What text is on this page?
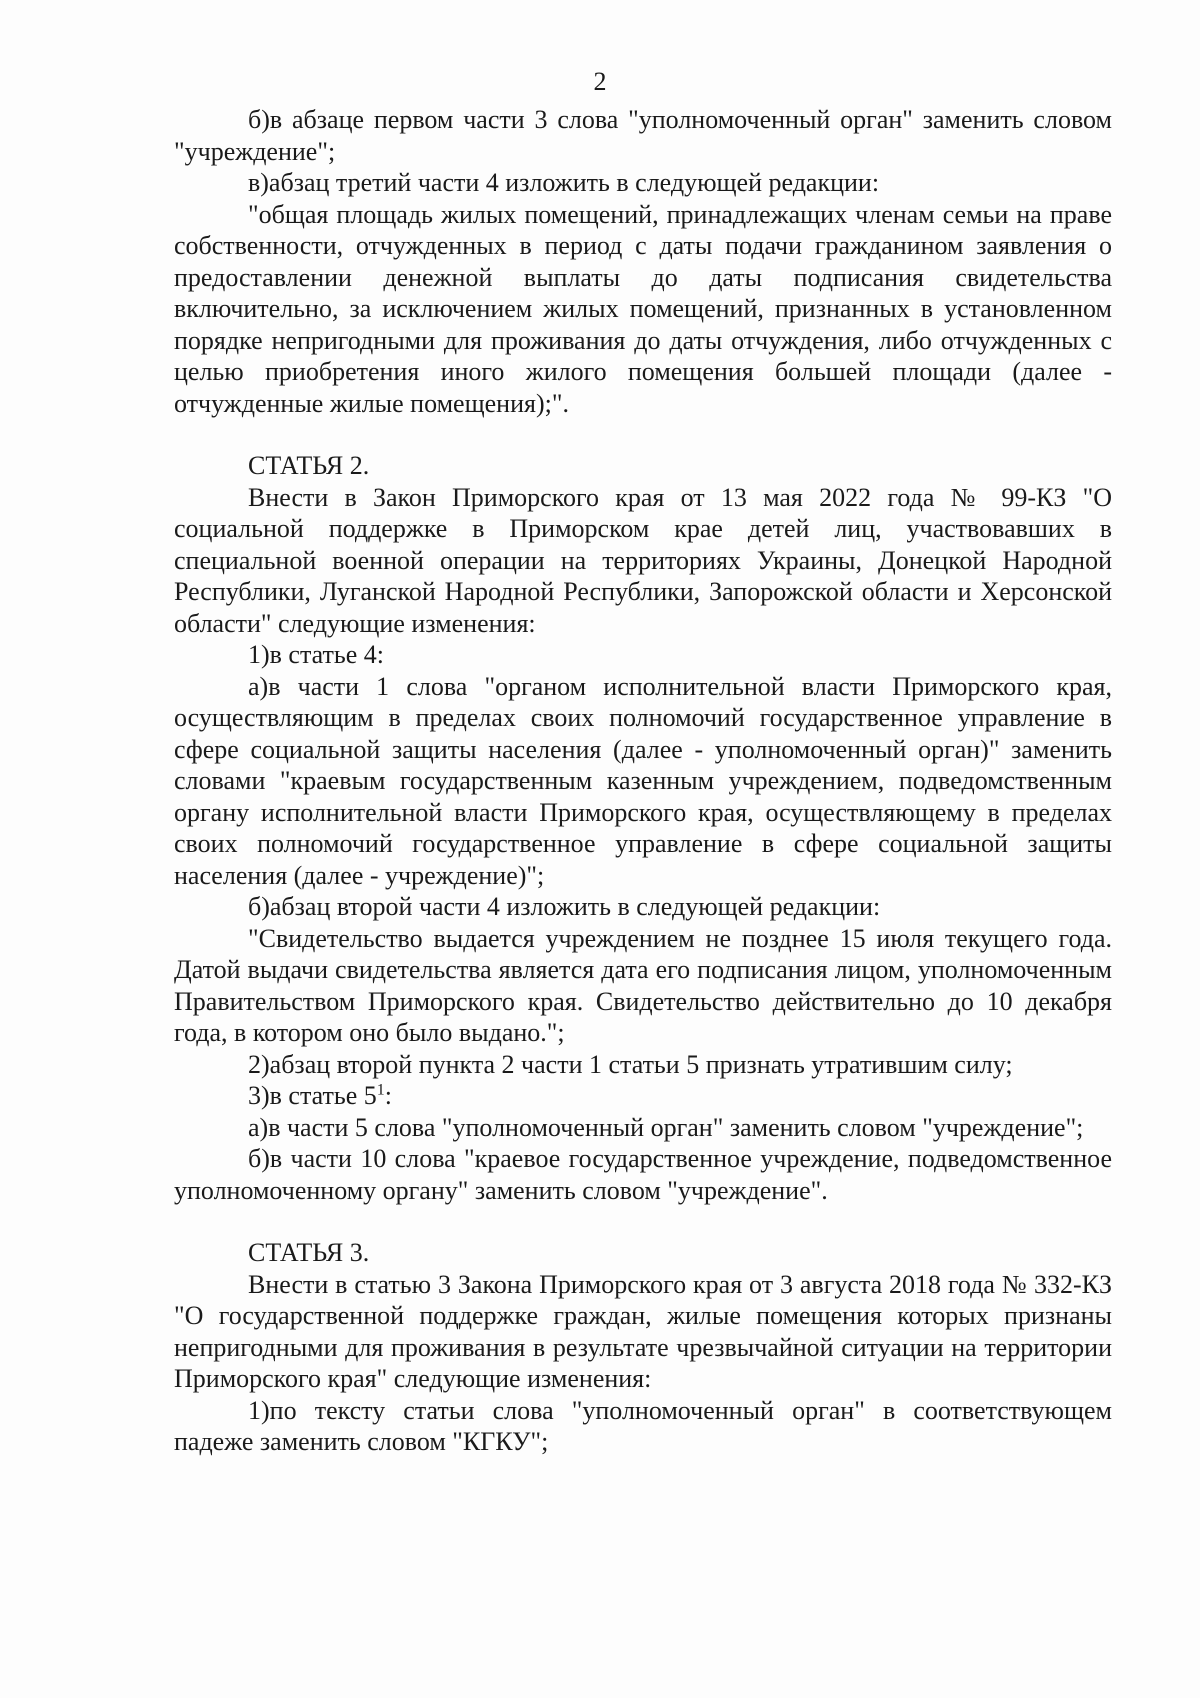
2

б)в абзаце первом части 3 слова "уполномоченный орган" заменить словом "учреждение";

в)абзац третий части 4 изложить в следующей редакции:

"общая площадь жилых помещений, принадлежащих членам семьи на праве собственности, отчужденных в период с даты подачи гражданином заявления о предоставлении денежной выплаты до даты подписания свидетельства включительно, за исключением жилых помещений, признанных в установленном порядке непригодными для проживания до даты отчуждения, либо отчужденных с целью приобретения иного жилого помещения большей площади (далее - отчужденные жилые помещения);".

СТАТЬЯ 2.

Внести в Закон Приморского края от 13 мая 2022 года № 99-КЗ "О социальной поддержке в Приморском крае детей лиц, участвовавших в специальной военной операции на территориях Украины, Донецкой Народной Республики, Луганской Народной Республики, Запорожской области и Херсонской области" следующие изменения:

1)в статье 4:

а)в части 1 слова "органом исполнительной власти Приморского края, осуществляющим в пределах своих полномочий государственное управление в сфере социальной защиты населения (далее - уполномоченный орган)" заменить словами "краевым государственным казенным учреждением, подведомственным органу исполнительной власти Приморского края, осуществляющему в пределах своих полномочий государственное управление в сфере социальной защиты населения (далее - учреждение)";

б)абзац второй части 4 изложить в следующей редакции:

"Свидетельство выдается учреждением не позднее 15 июля текущего года. Датой выдачи свидетельства является дата его подписания лицом, уполномоченным Правительством Приморского края. Свидетельство действительно до 10 декабря года, в котором оно было выдано.";

2)абзац второй пункта 2 части 1 статьи 5 признать утратившим силу;

3)в статье $5^1$:

а)в части 5 слова "уполномоченный орган" заменить словом "учреждение";

б)в части 10 слова "краевое государственное учреждение, подведомственное уполномоченному органу" заменить словом "учреждение".

СТАТЬЯ 3.

Внести в статью 3 Закона Приморского края от 3 августа 2018 года № 332-КЗ "О государственной поддержке граждан, жилые помещения которых признаны непригодными для проживания в результате чрезвычайной ситуации на территории Приморского края" следующие изменения:

1)по тексту статьи слова "уполномоченный орган" в соответствующем падеже заменить словом "КГКУ";
